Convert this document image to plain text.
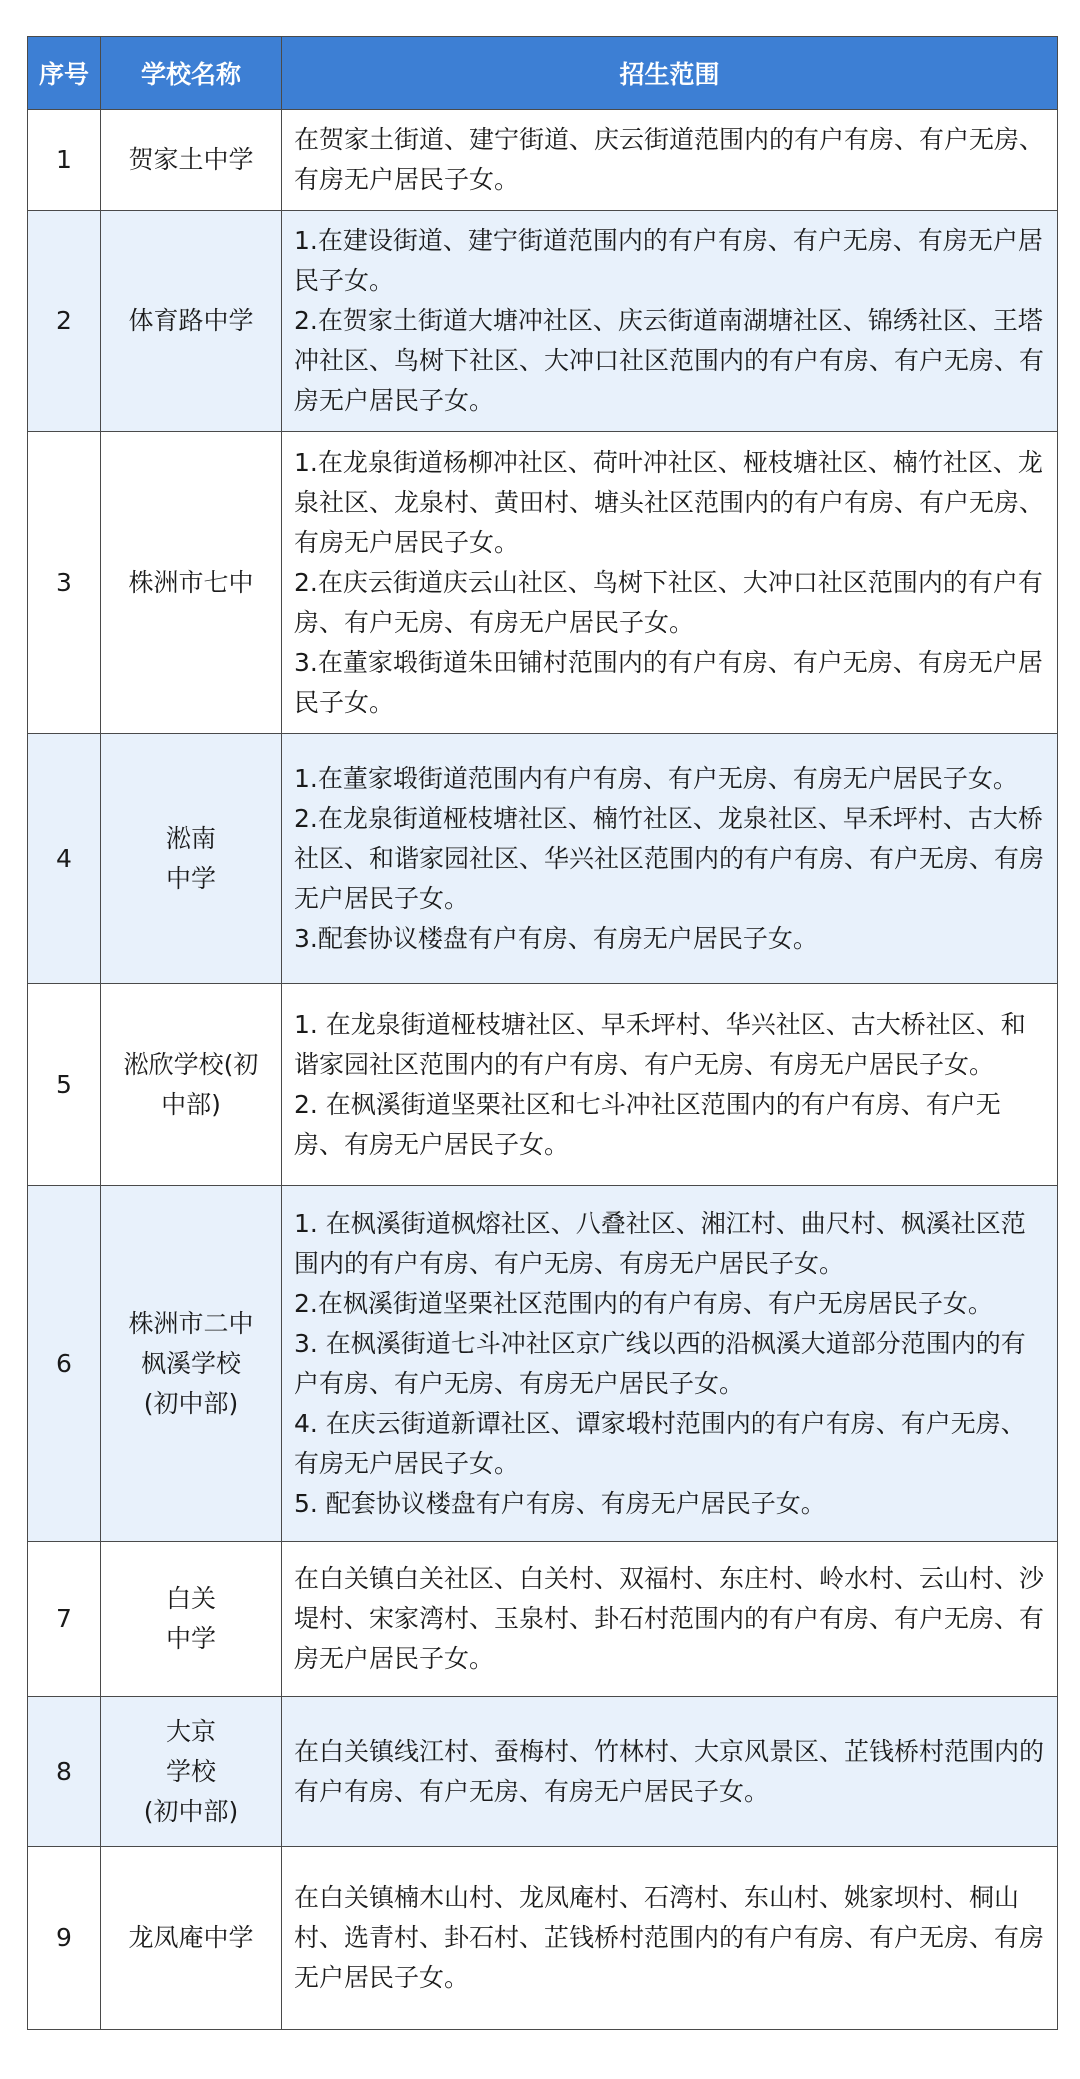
序号	学校名称	招生范围
1	贺家土中学	在贺家土街道、建宁街道、庆云街道范围内的有户有房、有户无房、有房无户居民子女。

2	体育路中学	1.在建设街道、建宁街道范围内的有户有房、有户无房、有房无户居民子女。
2.在贺家土街道大塘冲社区、庆云街道南湖塘社区、锦绣社区、王塔冲社区、鸟树下社区、大冲口社区范围内的有户有房、有户无房、有房无户居民子女。

3	株洲市七中	1.在龙泉街道杨柳冲社区、荷叶冲社区、桠枝塘社区、楠竹社区、龙泉社区、龙泉村、黄田村、塘头社区范围内的有户有房、有户无房、有房无户居民子女。
2.在庆云街道庆云山社区、鸟树下社区、大冲口社区范围内的有户有房、有户无房、有房无户居民子女。
3.在董家塅街道朱田铺村范围内的有户有房、有户无房、有房无户居民子女。

4	淞南
中学	1.在董家塅街道范围内有户有房、有户无房、有房无户居民子女。
2.在龙泉街道桠枝塘社区、楠竹社区、龙泉社区、早禾坪村、古大桥社区、和谐家园社区、华兴社区范围内的有户有房、有户无房、有房无户居民子女。
3.配套协议楼盘有户有房、有房无户居民子女。

5	淞欣学校(初
中部)	1. 在龙泉街道桠枝塘社区、早禾坪村、华兴社区、古大桥社区、和谐家园社区范围内的有户有房、有户无房、有房无户居民子女。
2. 在枫溪街道坚栗社区和七斗冲社区范围内的有户有房、有户无房、有房无户居民子女。

6	株洲市二中
枫溪学校
(初中部)	1. 在枫溪街道枫熔社区、八叠社区、湘江村、曲尺村、枫溪社区范围内的有户有房、有户无房、有房无户居民子女。
2.在枫溪街道坚栗社区范围内的有户有房、有户无房居民子女。
3. 在枫溪街道七斗冲社区京广线以西的沿枫溪大道部分范围内的有户有房、有户无房、有房无户居民子女。
4. 在庆云街道新谭社区、谭家塅村范围内的有户有房、有户无房、有房无户居民子女。
5. 配套协议楼盘有户有房、有房无户居民子女。

7	白关
中学	在白关镇白关社区、白关村、双福村、东庄村、岭水村、云山村、沙堤村、宋家湾村、玉泉村、卦石村范围内的有户有房、有户无房、有房无户居民子女。

8	大京
学校
(初中部)	在白关镇线江村、蚕梅村、竹林村、大京风景区、芷钱桥村范围内的有户有房、有户无房、有房无户居民子女。

9	龙凤庵中学	在白关镇楠木山村、龙凤庵村、石湾村、东山村、姚家坝村、桐山村、选青村、卦石村、芷钱桥村范围内的有户有房、有户无房、有房无户居民子女。
